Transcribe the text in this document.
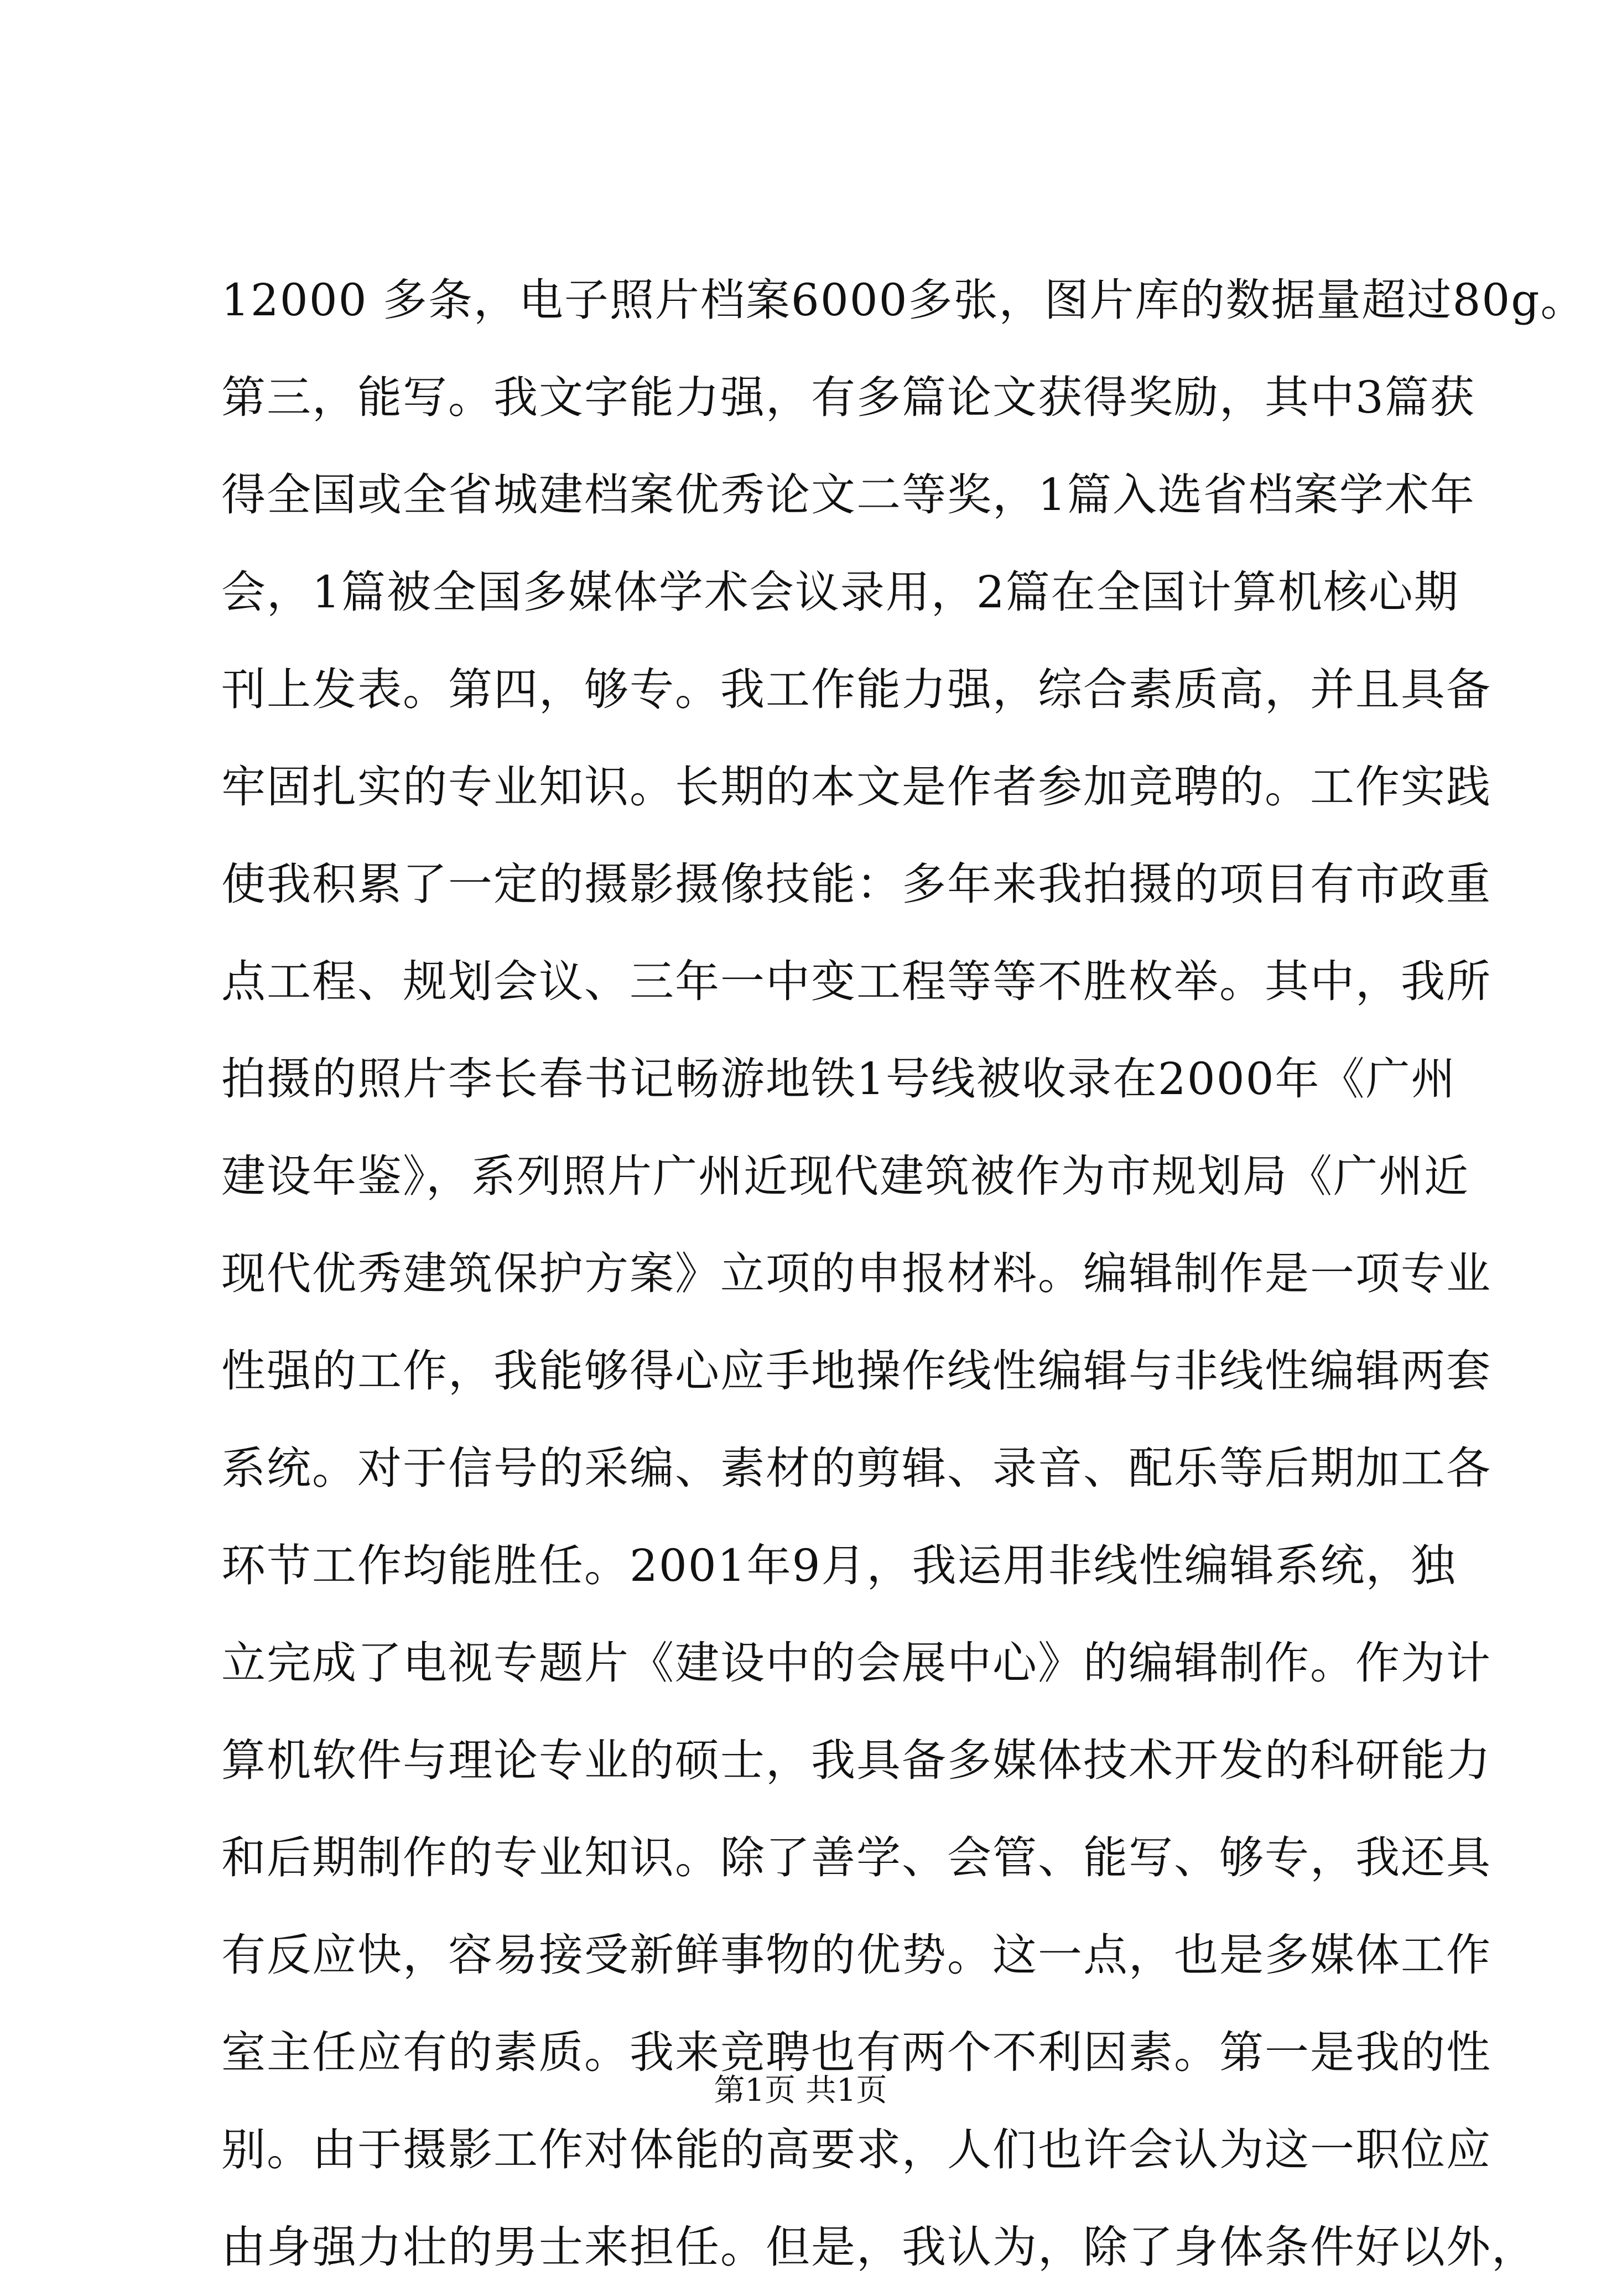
12000 多条，电子照片档案6000多张，图片库的数据量超过80g。
第三，能写。我文字能力强，有多篇论文获得奖励，其中3篇获
得全国或全省城建档案优秀论文二等奖，1篇入选省档案学术年
会，1篇被全国多媒体学术会议录用，2篇在全国计算机核心期
刊上发表。第四，够专。我工作能力强，综合素质高，并且具备
牢固扎实的专业知识。长期的本文是作者参加竞聘的。工作实践
使我积累了一定的摄影摄像技能：多年来我拍摄的项目有市政重
点工程、规划会议、三年一中变工程等等不胜枚举。其中，我所
拍摄的照片李长春书记畅游地铁1号线被收录在2000年《广州
建设年鉴》，系列照片广州近现代建筑被作为市规划局《广州近
现代优秀建筑保护方案》立项的申报材料。编辑制作是一项专业
性强的工作，我能够得心应手地操作线性编辑与非线性编辑两套
系统。对于信号的采编、素材的剪辑、录音、配乐等后期加工各
环节工作均能胜任。2001年9月，我运用非线性编辑系统，独
立完成了电视专题片《建设中的会展中心》的编辑制作。作为计
算机软件与理论专业的硕士，我具备多媒体技术开发的科研能力
和后期制作的专业知识。除了善学、会管、能写、够专，我还具
有反应快，容易接受新鲜事物的优势。这一点，也是多媒体工作
室主任应有的素质。我来竞聘也有两个不利因素。第一是我的性
别。由于摄影工作对体能的高要求，人们也许会认为这一职位应
由身强力壮的男士来担任。但是，我认为，除了身体条件好以外，
第1页 共1页
